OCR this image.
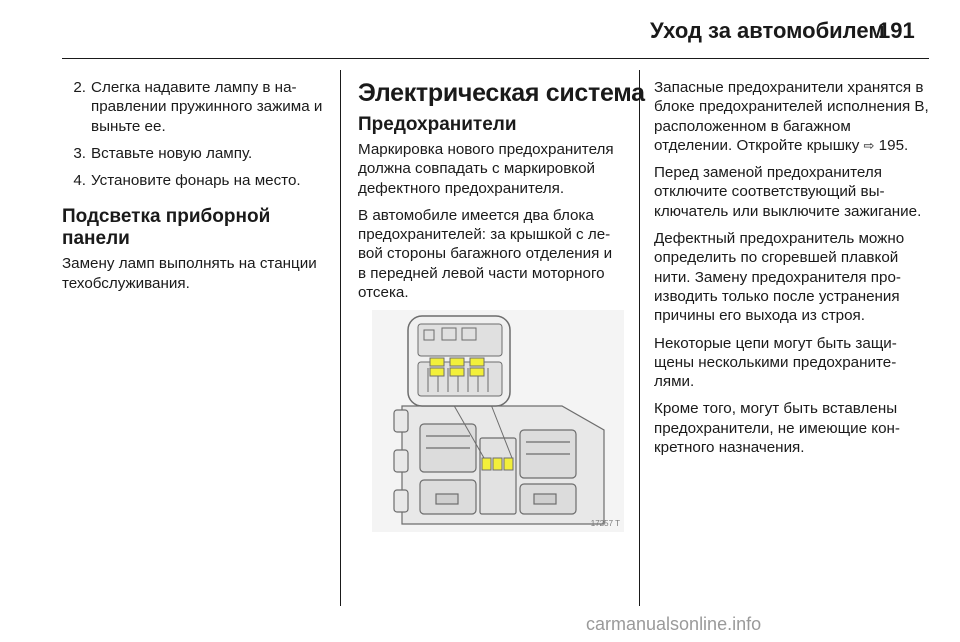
Уход за автомобилем
191
2. Слегка надавите лампу в направлении пружинного зажима и выньте ее.
3. Вставьте новую лампу.
4. Установите фонарь на место.
Подсветка приборной панели

Замену ламп выполнять на станции техобслуживания.

Электрическая система
Предохранители

Маркировка нового предохранителя должна совпадать с маркировкой дефектного предохранителя.

В автомобиле имеется два блока предохранителей: за крышкой с левой стороны багажного отделения и в передней левой части моторного отсека.

17257 T

Запасные предохранители хранятся в блоке предохранителей исполнения B, расположенном в багажном отделении. Откройте крышку ⇨ 195.

Перед заменой предохранителя отключите соответствующий выключатель или выключите зажигание.

Дефектный предохранитель можно определить по сгоревшей плавкой нити. Замену предохранителя производить только после устранения причины его выхода из строя.

Некоторые цепи могут быть защищены несколькими предохранителями.

Кроме того, могут быть вставлены предохранители, не имеющие конкретного назначения.

carmanualsonline.info
